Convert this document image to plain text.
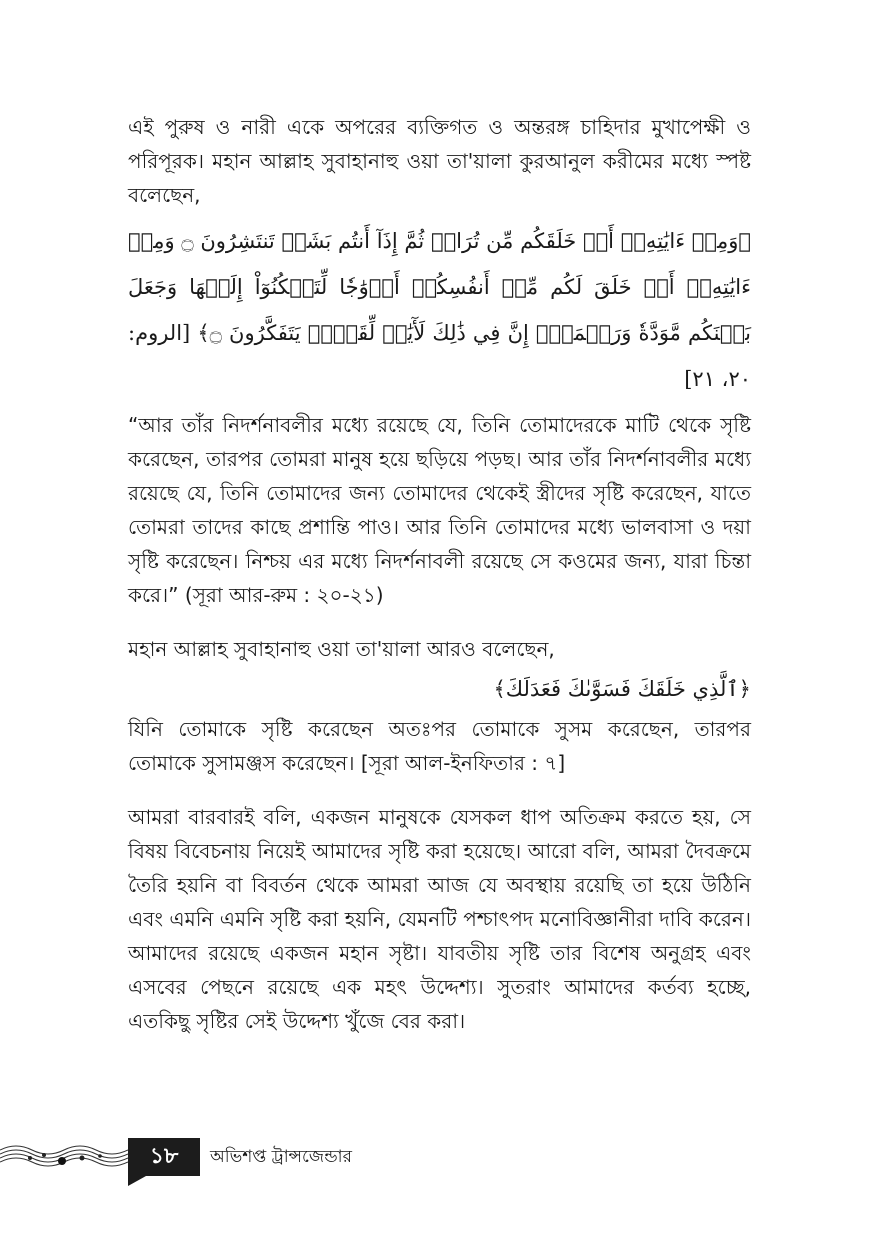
এই পুরুষ ও নারী একে অপরের ব্যক্তিগত ও অন্তরঙ্গ চাহিদার মুখাপেক্ষী ও পরিপূরক। মহান আল্লাহ সুবাহানাহু ওয়া তা'য়ালা কুরআনুল করীমের মধ্যে স্পষ্ট বলেছেন,

﴿وَمِنۡ ءَايَٰتِهِۦٓ أَنۡ خَلَقَكُم مِّن تُرَابٖ ثُمَّ إِذَآ أَنتُم بَشَرٞ تَنتَشِرُونَ ۝ وَمِنۡ ءَايَٰتِهِۦٓ أَنۡ خَلَقَ لَكُم مِّنۡ أَنفُسِكُمۡ أَزۡوَٰجٗا لِّتَسۡكُنُوٓاْ إِلَيۡهَا وَجَعَلَ بَيۡنَكُم مَّوَدَّةٗ وَرَحۡمَةًۚ إِنَّ فِي ذَٰلِكَ لَأٓيَٰتٖ لِّقَوۡمٖ يَتَفَكَّرُونَ ۝﴾ [الروم: ٢٠، ٢١]

“আর তাঁর নিদর্শনাবলীর মধ্যে রয়েছে যে, তিনি তোমাদেরকে মাটি থেকে সৃষ্টি করেছেন, তারপর তোমরা মানুষ হয়ে ছড়িয়ে পড়ছ। আর তাঁর নিদর্শনাবলীর মধ্যে রয়েছে যে, তিনি তোমাদের জন্য তোমাদের থেকেই স্ত্রীদের সৃষ্টি করেছেন, যাতে তোমরা তাদের কাছে প্রশান্তি পাও। আর তিনি তোমাদের মধ্যে ভালবাসা ও দয়া সৃষ্টি করেছেন। নিশ্চয় এর মধ্যে নিদর্শনাবলী রয়েছে সে কওমের জন্য, যারা চিন্তা করে।” (সূরা আর-রুম : ২০-২১)

মহান আল্লাহ সুবাহানাহু ওয়া তা'য়ালা আরও বলেছেন,

﴿ٱلَّذِي خَلَقَكَ فَسَوَّىٰكَ فَعَدَلَكَ﴾

যিনি তোমাকে সৃষ্টি করেছেন অতঃপর তোমাকে সুসম করেছেন, তারপর তোমাকে সুসামঞ্জস করেছেন। [সূরা আল-ইনফিতার : ৭]

আমরা বারবারই বলি, একজন মানুষকে যেসকল ধাপ অতিক্রম করতে হয়, সে বিষয় বিবেচনায় নিয়েই আমাদের সৃষ্টি করা হয়েছে। আরো বলি, আমরা দৈবক্রমে তৈরি হয়নি বা বিবর্তন থেকে আমরা আজ যে অবস্থায় রয়েছি তা হয়ে উঠিনি এবং এমনি এমনি সৃষ্টি করা হয়নি, যেমনটি পশ্চাৎপদ মনোবিজ্ঞানীরা দাবি করেন। আমাদের রয়েছে একজন মহান সৃষ্টা। যাবতীয় সৃষ্টি তার বিশেষ অনুগ্রহ এবং এসবের পেছনে রয়েছে এক মহৎ উদ্দেশ্য। সুতরাং আমাদের কর্তব্য হচ্ছে, এতকিছু সৃষ্টির সেই উদ্দেশ্য খুঁজে বের করা।

১৮	অভিশপ্ত ট্রান্সজেন্ডার
